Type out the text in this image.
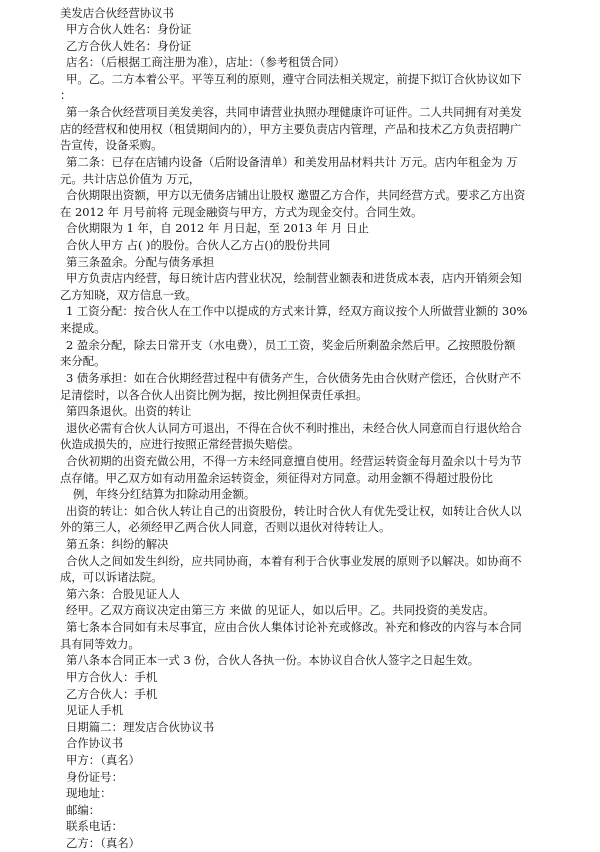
美发店合伙经营协议书
甲方合伙人姓名：身份证
乙方合伙人姓名：身份证
店名：（后根据工商注册为准），店址：（参考租赁合同）
甲。乙。二方本着公平。平等互利的原则，遵守合同法相关规定，前提下拟订合伙协议如下
：
第一条合伙经营项目美发美容，共同申请营业执照办理健康许可证件。二人共同拥有对美发
店的经营权和使用权（租赁期间内的），甲方主要负责店内管理，产品和技术乙方负责招聘广
告宣传，设备采购。
第二条：已存在店铺内设备（后附设备清单）和美发用品材料共计 万元。店内年租金为 万
元。共计店总价值为 万元，
合伙期限出资额，甲方以无债务店铺出让股权 邀盟乙方合作，共同经营方式。要求乙方出资
在 2012 年 月号前将 元现金融资与甲方，方式为现金交付。合同生效。
合伙期限为 1 年，自 2012 年 月日起，至 2013 年 月 日止
合伙人甲方 占( )的股份。合伙人乙方占()的股份共同
第三条盈余。分配与债务承担
甲方负责店内经营，每日统计店内营业状况，绘制营业额表和进货成本表，店内开销须会知
乙方知晓，双方信息一致。
1 工资分配：按合伙人在工作中以提成的方式来计算，经双方商议按个人所做营业额的 30%
来提成。
2 盈余分配，除去日常开支（水电费），员工工资，奖金后所剩盈余然后甲。乙按照股份额
来分配。
3 债务承担：如在合伙期经营过程中有债务产生，合伙债务先由合伙财产偿还，合伙财产不
足清偿时，以各合伙人出资比例为据，按比例担保责任承担。
第四条退伙。出资的转让
退伙必需有合伙人认同方可退出，不得在合伙不利时推出，未经合伙人同意而自行退伙给合
伙造成损失的，应进行按照正常经营损失赔偿。
合伙初期的出资充做公用，不得一方未经同意擅自使用。经营运转资金每月盈余以十号为节
点存储。甲乙双方如有动用盈余运转资金，须征得对方同意。动用金额不得超过股份比
例，年终分红结算为扣除动用金额。
出资的转让：如合伙人转让自己的出资股份，转让时合伙人有优先受让权，如转让合伙人以
外的第三人，必须经甲乙两合伙人同意，否则以退伙对待转让人。
第五条：纠纷的解决
合伙人之间如发生纠纷，应共同协商，本着有利于合伙事业发展的原则予以解决。如协商不
成，可以诉诸法院。
第六条：合股见证人人
经甲。乙双方商议决定由第三方 来做 的见证人，如以后甲。乙。共同投资的美发店。
第七条本合同如有未尽事宜，应由合伙人集体讨论补充或修改。补充和修改的内容与本合同
具有同等效力。
第八条本合同正本一式 3 份，合伙人各执一份。本协议自合伙人签字之日起生效。
甲方合伙人：手机
乙方合伙人：手机
见证人手机
日期篇二：理发店合伙协议书
合作协议书
甲方：（真名）
身份证号：
现地址：
邮编：
联系电话：
乙方：（真名）
